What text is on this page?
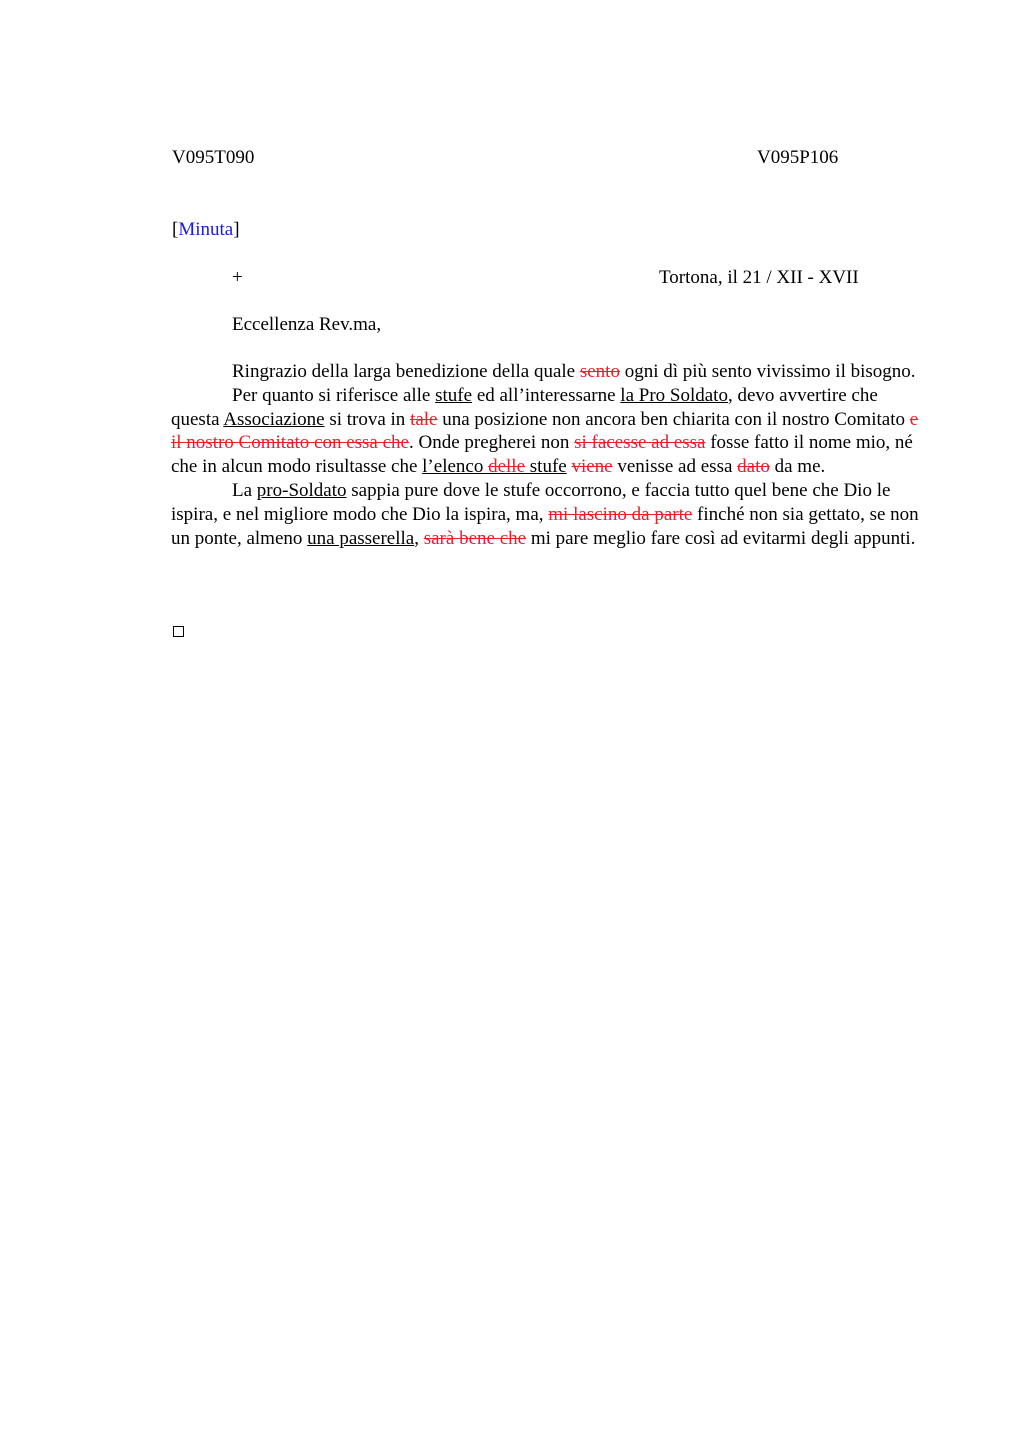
V095T090	V095P106
[Minuta]
+	Tortona, il 21 / XII - XVII
Eccellenza Rev.ma,

Ringrazio della larga benedizione della quale sento ogni dì più sento vivissimo il bisogno.

Per quanto si riferisce alle stufe ed all’interessarne la Pro Soldato, devo avvertire che questa Associazione si trova in tale una posizione non ancora ben chiarita con il nostro Comitato e il nostro Comitato con essa che. Onde pregherei non si facesse ad essa fosse fatto il nome mio, né che in alcun modo risultasse che l’elenco delle stufe viene venisse ad essa dato da me.

La pro-Soldato sappia pure dove le stufe occorrono, e faccia tutto quel bene che Dio le ispira, e nel migliore modo che Dio la ispira, ma, mi lascino da parte finché non sia gettato, se non un ponte, almeno una passerella, sarà bene che mi pare meglio fare così ad evitarmi degli appunti.
